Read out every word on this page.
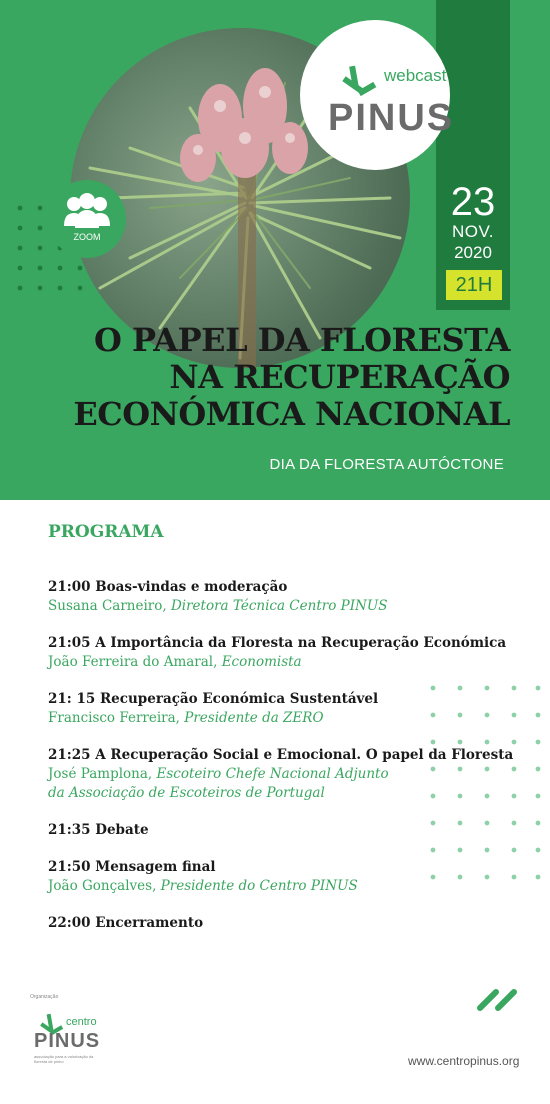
webcast
PINUS
ZOOM
23
NOV.
2020
21H
O PAPEL DA FLORESTA
NA RECUPERAÇÃO
ECONÓMICA NACIONAL
DIA DA FLORESTA AUTÓCTONE
PROGRAMA
21:00 Boas-vindas e moderação
Susana Carneiro, Diretora Técnica Centro PINUS
21:05 A Importância da Floresta na Recuperação Económica
João Ferreira do Amaral, Economista
21: 15 Recuperação Económica Sustentável
Francisco Ferreira, Presidente da ZERO
21:25 A Recuperação Social e Emocional. O papel da Floresta
José Pamplona, Escoteiro Chefe Nacional Adjunto
da Associação de Escoteiros de Portugal
21:35 Debate
21:50 Mensagem final
João Gonçalves, Presidente do Centro PINUS
22:00 Encerramento
Organização
centro
PINUS
associação para a valorização da floresta de pinho	www.centropinus.org
